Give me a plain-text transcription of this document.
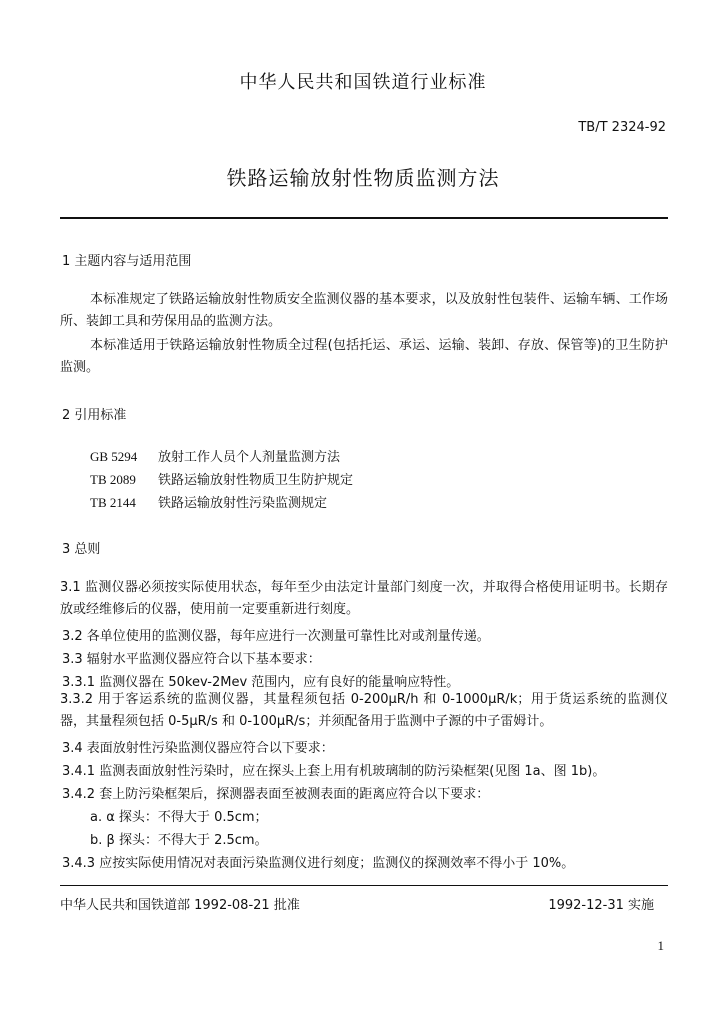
中华人民共和国铁道行业标准
TB/T 2324-92
铁路运输放射性物质监测方法
1 主题内容与适用范围
本标准规定了铁路运输放射性物质安全监测仪器的基本要求，以及放射性包装件、运输车辆、工作场所、装卸工具和劳保用品的监测方法。
本标准适用于铁路运输放射性物质全过程(包括托运、承运、运输、装卸、存放、保管等)的卫生防护监测。
2 引用标准
GB 5294 放射工作人员个人剂量监测方法
TB 2089 铁路运输放射性物质卫生防护规定
TB 2144 铁路运输放射性污染监测规定
3 总则
3.1 监测仪器必须按实际使用状态，每年至少由法定计量部门刻度一次，并取得合格使用证明书。长期存放或经维修后的仪器，使用前一定要重新进行刻度。
3.2 各单位使用的监测仪器，每年应进行一次测量可靠性比对或剂量传递。
3.3 辐射水平监测仪器应符合以下基本要求：
3.3.1 监测仪器在 50kev-2Mev 范围内，应有良好的能量响应特性。
3.3.2 用于客运系统的监测仪器，其量程须包括 0-200μR/h 和 0-1000μR/k；用于货运系统的监测仪器，其量程须包括 0-5μR/s 和 0-100μR/s；并须配备用于监测中子源的中子雷姆计。
3.4 表面放射性污染监测仪器应符合以下要求：
3.4.1 监测表面放射性污染时，应在探头上套上用有机玻璃制的防污染框架(见图 1a、图 1b)。
3.4.2 套上防污染框架后，探测器表面至被测表面的距离应符合以下要求：
a. α 探头：不得大于 0.5cm；
b. β 探头：不得大于 2.5cm。
3.4.3 应按实际使用情况对表面污染监测仪进行刻度；监测仪的探测效率不得小于 10%。
中华人民共和国铁道部 1992-08-21 批准	1992-12-31 实施
1
